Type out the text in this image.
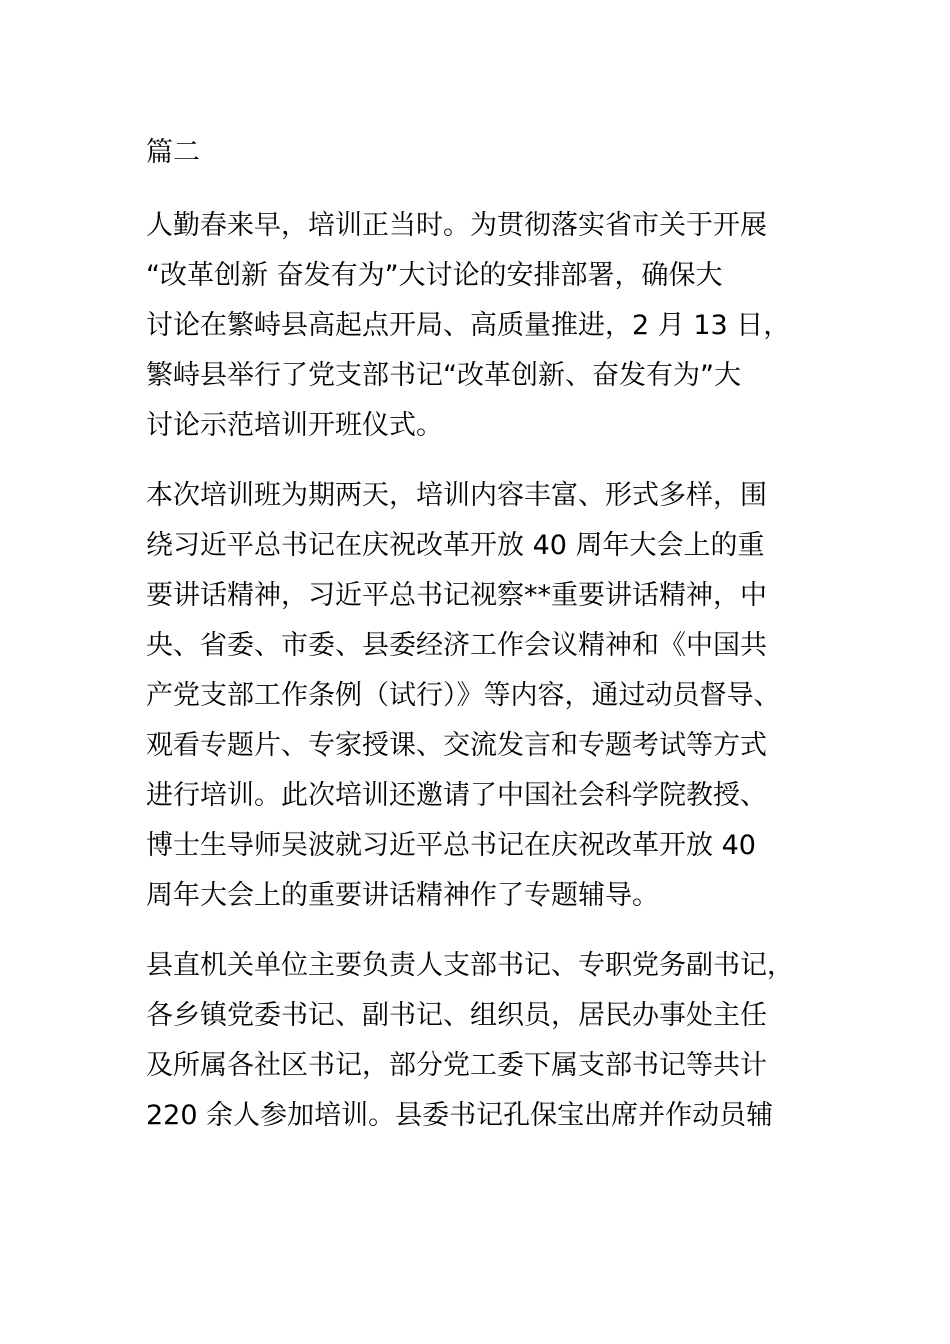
篇二
人勤春来早，培训正当时。为贯彻落实省市关于开展
“改革创新 奋发有为”大讨论的安排部署，确保大
讨论在繁峙县高起点开局、高质量推进，2 月 13 日，
繁峙县举行了党支部书记“改革创新、奋发有为”大
讨论示范培训开班仪式。
本次培训班为期两天，培训内容丰富、形式多样，围
绕习近平总书记在庆祝改革开放 40 周年大会上的重
要讲话精神，习近平总书记视察**重要讲话精神，中
央、省委、市委、县委经济工作会议精神和《中国共
产党支部工作条例（试行）》等内容，通过动员督导、
观看专题片、专家授课、交流发言和专题考试等方式
进行培训。此次培训还邀请了中国社会科学院教授、
博士生导师吴波就习近平总书记在庆祝改革开放 40
周年大会上的重要讲话精神作了专题辅导。
县直机关单位主要负责人支部书记、专职党务副书记，
各乡镇党委书记、副书记、组织员，居民办事处主任
及所属各社区书记，部分党工委下属支部书记等共计
220 余人参加培训。县委书记孔保宝出席并作动员辅
